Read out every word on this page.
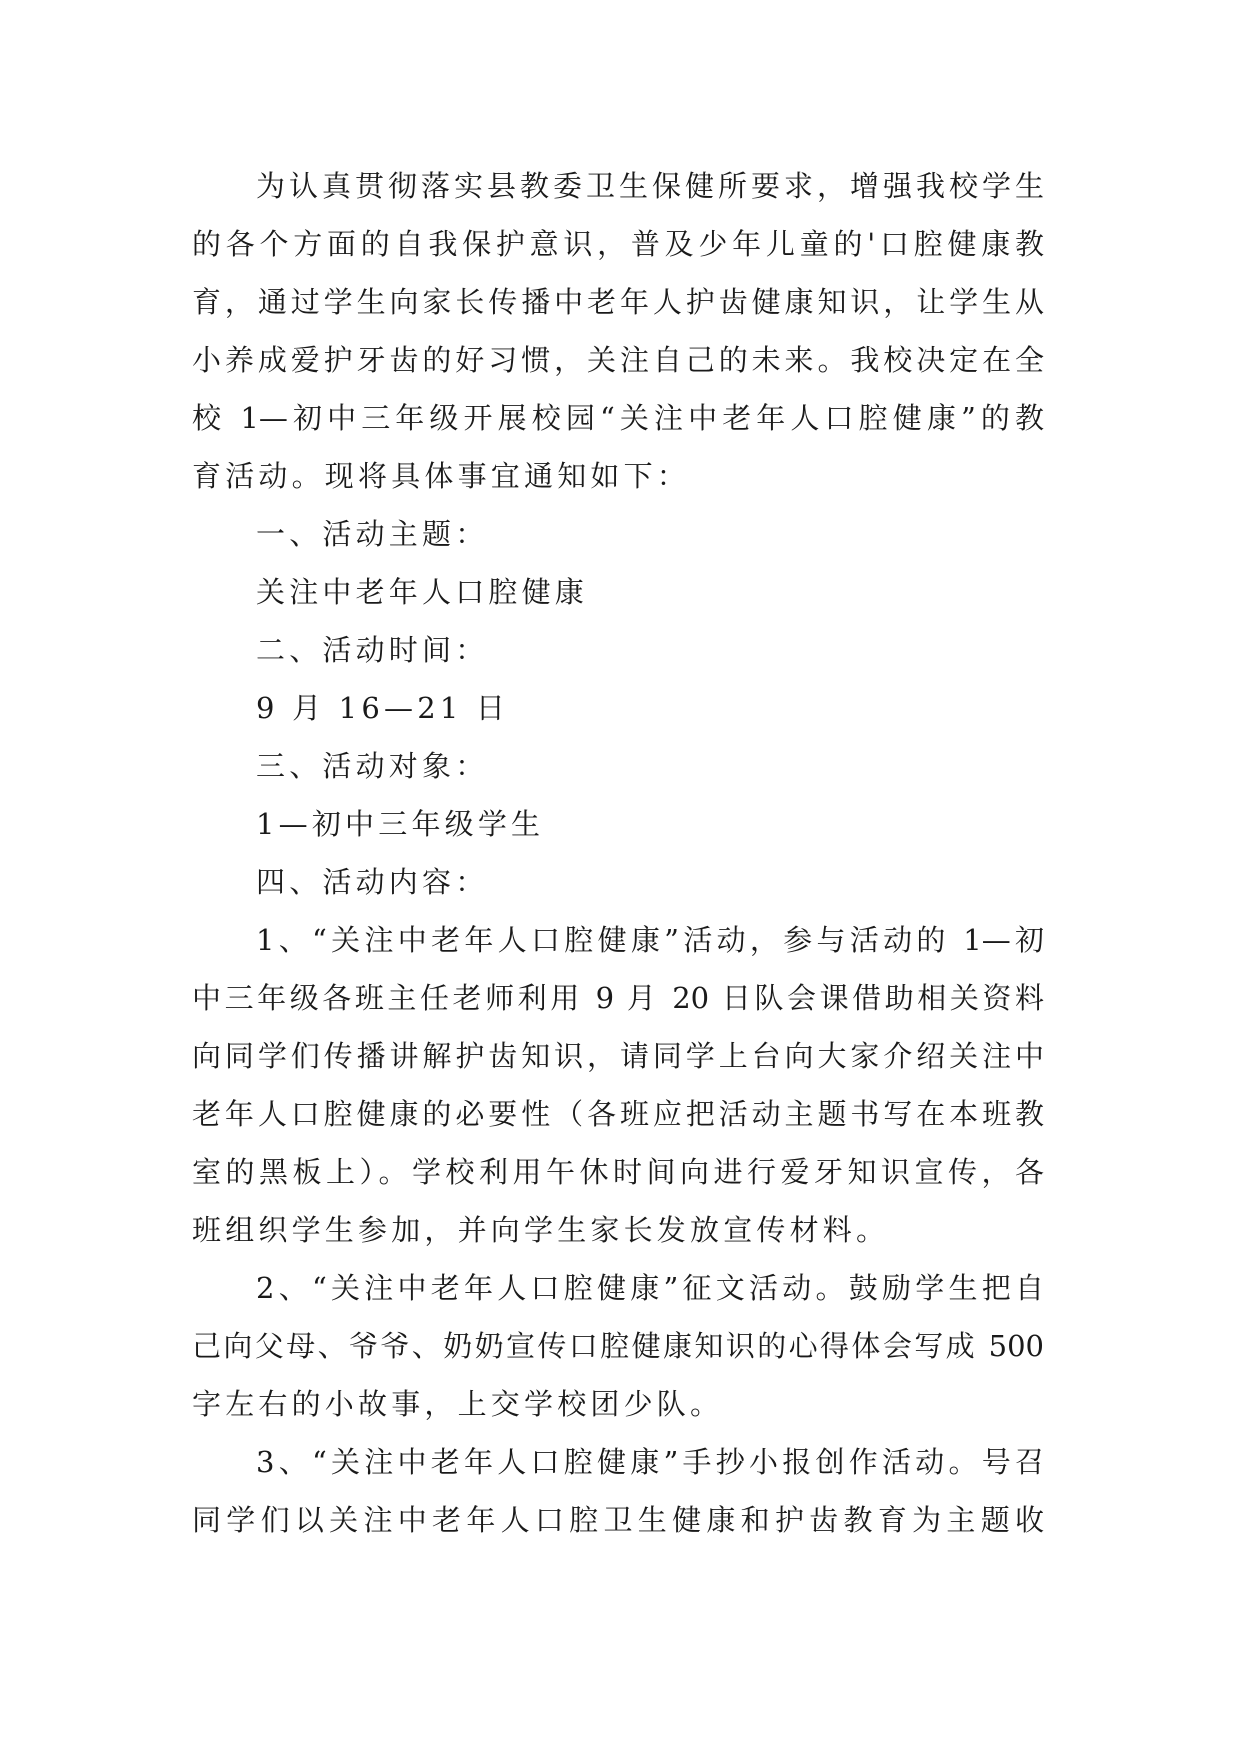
为认真贯彻落实县教委卫生保健所要求，增强我校学生
的各个方面的自我保护意识，普及少年儿童的'口腔健康教
育，通过学生向家长传播中老年人护齿健康知识，让学生从
小养成爱护牙齿的好习惯，关注自己的未来。我校决定在全
校 1—初中三年级开展校园“关注中老年人口腔健康”的教
育活动。现将具体事宜通知如下：
一、活动主题：
关注中老年人口腔健康
二、活动时间：
9 月 16—21 日
三、活动对象：
1—初中三年级学生
四、活动内容：
1、“关注中老年人口腔健康”活动，参与活动的 1—初
中三年级各班主任老师利用 9 月 20 日队会课借助相关资料
向同学们传播讲解护齿知识，请同学上台向大家介绍关注中
老年人口腔健康的必要性（各班应把活动主题书写在本班教
室的黑板上）。学校利用午休时间向进行爱牙知识宣传，各
班组织学生参加，并向学生家长发放宣传材料。
2、“关注中老年人口腔健康”征文活动。鼓励学生把自
己向父母、爷爷、奶奶宣传口腔健康知识的心得体会写成 500
字左右的小故事，上交学校团少队。
3、“关注中老年人口腔健康”手抄小报创作活动。号召
同学们以关注中老年人口腔卫生健康和护齿教育为主题收
